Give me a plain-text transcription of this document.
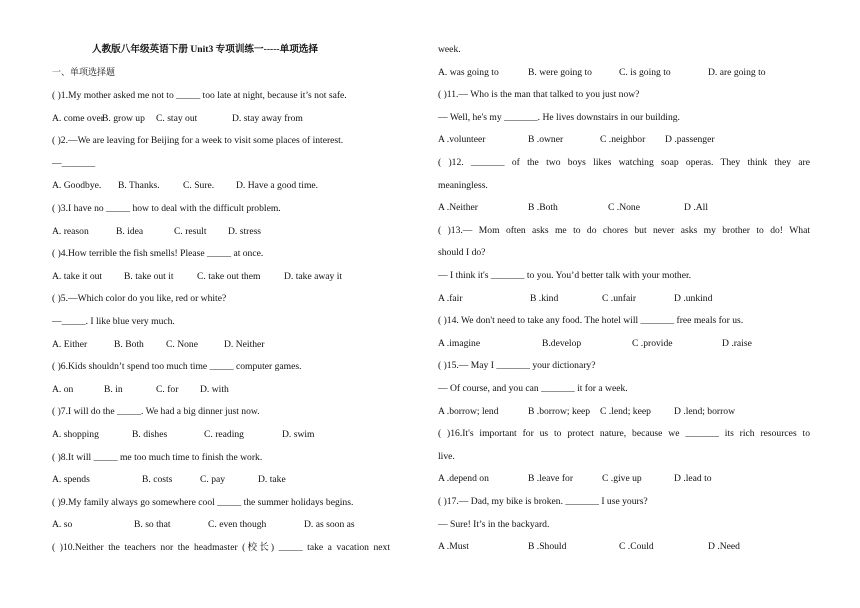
人教版八年级英语下册 Unit3 专项训练一-----单项选择
一、单项选择题
( )1.My mother asked me not to _____ too late at night, because it’s not safe.
A. come over
B. grow up C. stay out	D. stay away from
( )2.—We are leaving for Beijing for a week to visit some places of interest.
—_______
A. Goodbye. B. Thanks. C. Sure. D. Have a good time.
( )3.I have no _____ how to deal with the difficult problem.
A. reason	B. idea	C. result D. stress
( )4.How terrible the fish smells! Please _____ at once.
A. take it out B. take out it C. take out them D. take away it
( )5.—Which color do you like, red or white?
—_____. I like blue very much.
A. Either	B. Both C. None	D. Neither
( )6.Kids shouldn’t spend too much time _____ computer games.
A. on	B. in	C. for D. with
( )7.I will do the _____. We had a big dinner just now.
A. shopping	B. dishes	C. reading	D. swim
( )8.It will _____ me too much time to finish the work.
A. spends	B. costs	C. pay	D. take
( )9.My family always go somewhere cool _____ the summer holidays begins.
A. so	B. so that	C. even though	D. as soon as
( )10.Neither the teachers nor the headmaster (校长) _____ take a vacation next
week.
A. was going to	B. were going to	C. is going to	D. are going to
( )11.— Who is the man that talked to you just now?
— Well, he's my _______. He lives downstairs in our building.
A .volunteer	B .owner	C .neighbor D .passenger
( )12. _______ of the two boys likes watching soap operas. They think they are
meaningless.
A .Neither	B .Both	C .None	D .All
( )13.— Mom often asks me to do chores but never asks my brother to do! What
should I do?
— I think it's _______ to you. You’d better talk with your mother.
A .fair	B .kind	C .unfair	D .unkind
( )14. We don't need to take any food. The hotel will _______ free meals for us.
A .imagine	B.develop	C .provide	D .raise
( )15.— May I _______ your dictionary?
— Of course, and you can _______ it for a week.
A .borrow; lend	B .borrow; keep C .lend; keep D .lend; borrow
( )16.It's important for us to protect nature, because we _______ its rich resources to
live.
A .depend on	B .leave for	C .give up	D .lead to
( )17.— Dad, my bike is broken. _______ I use yours?
— Sure! It’s in the backyard.
A .Must	B .Should	C .Could	D .Need
